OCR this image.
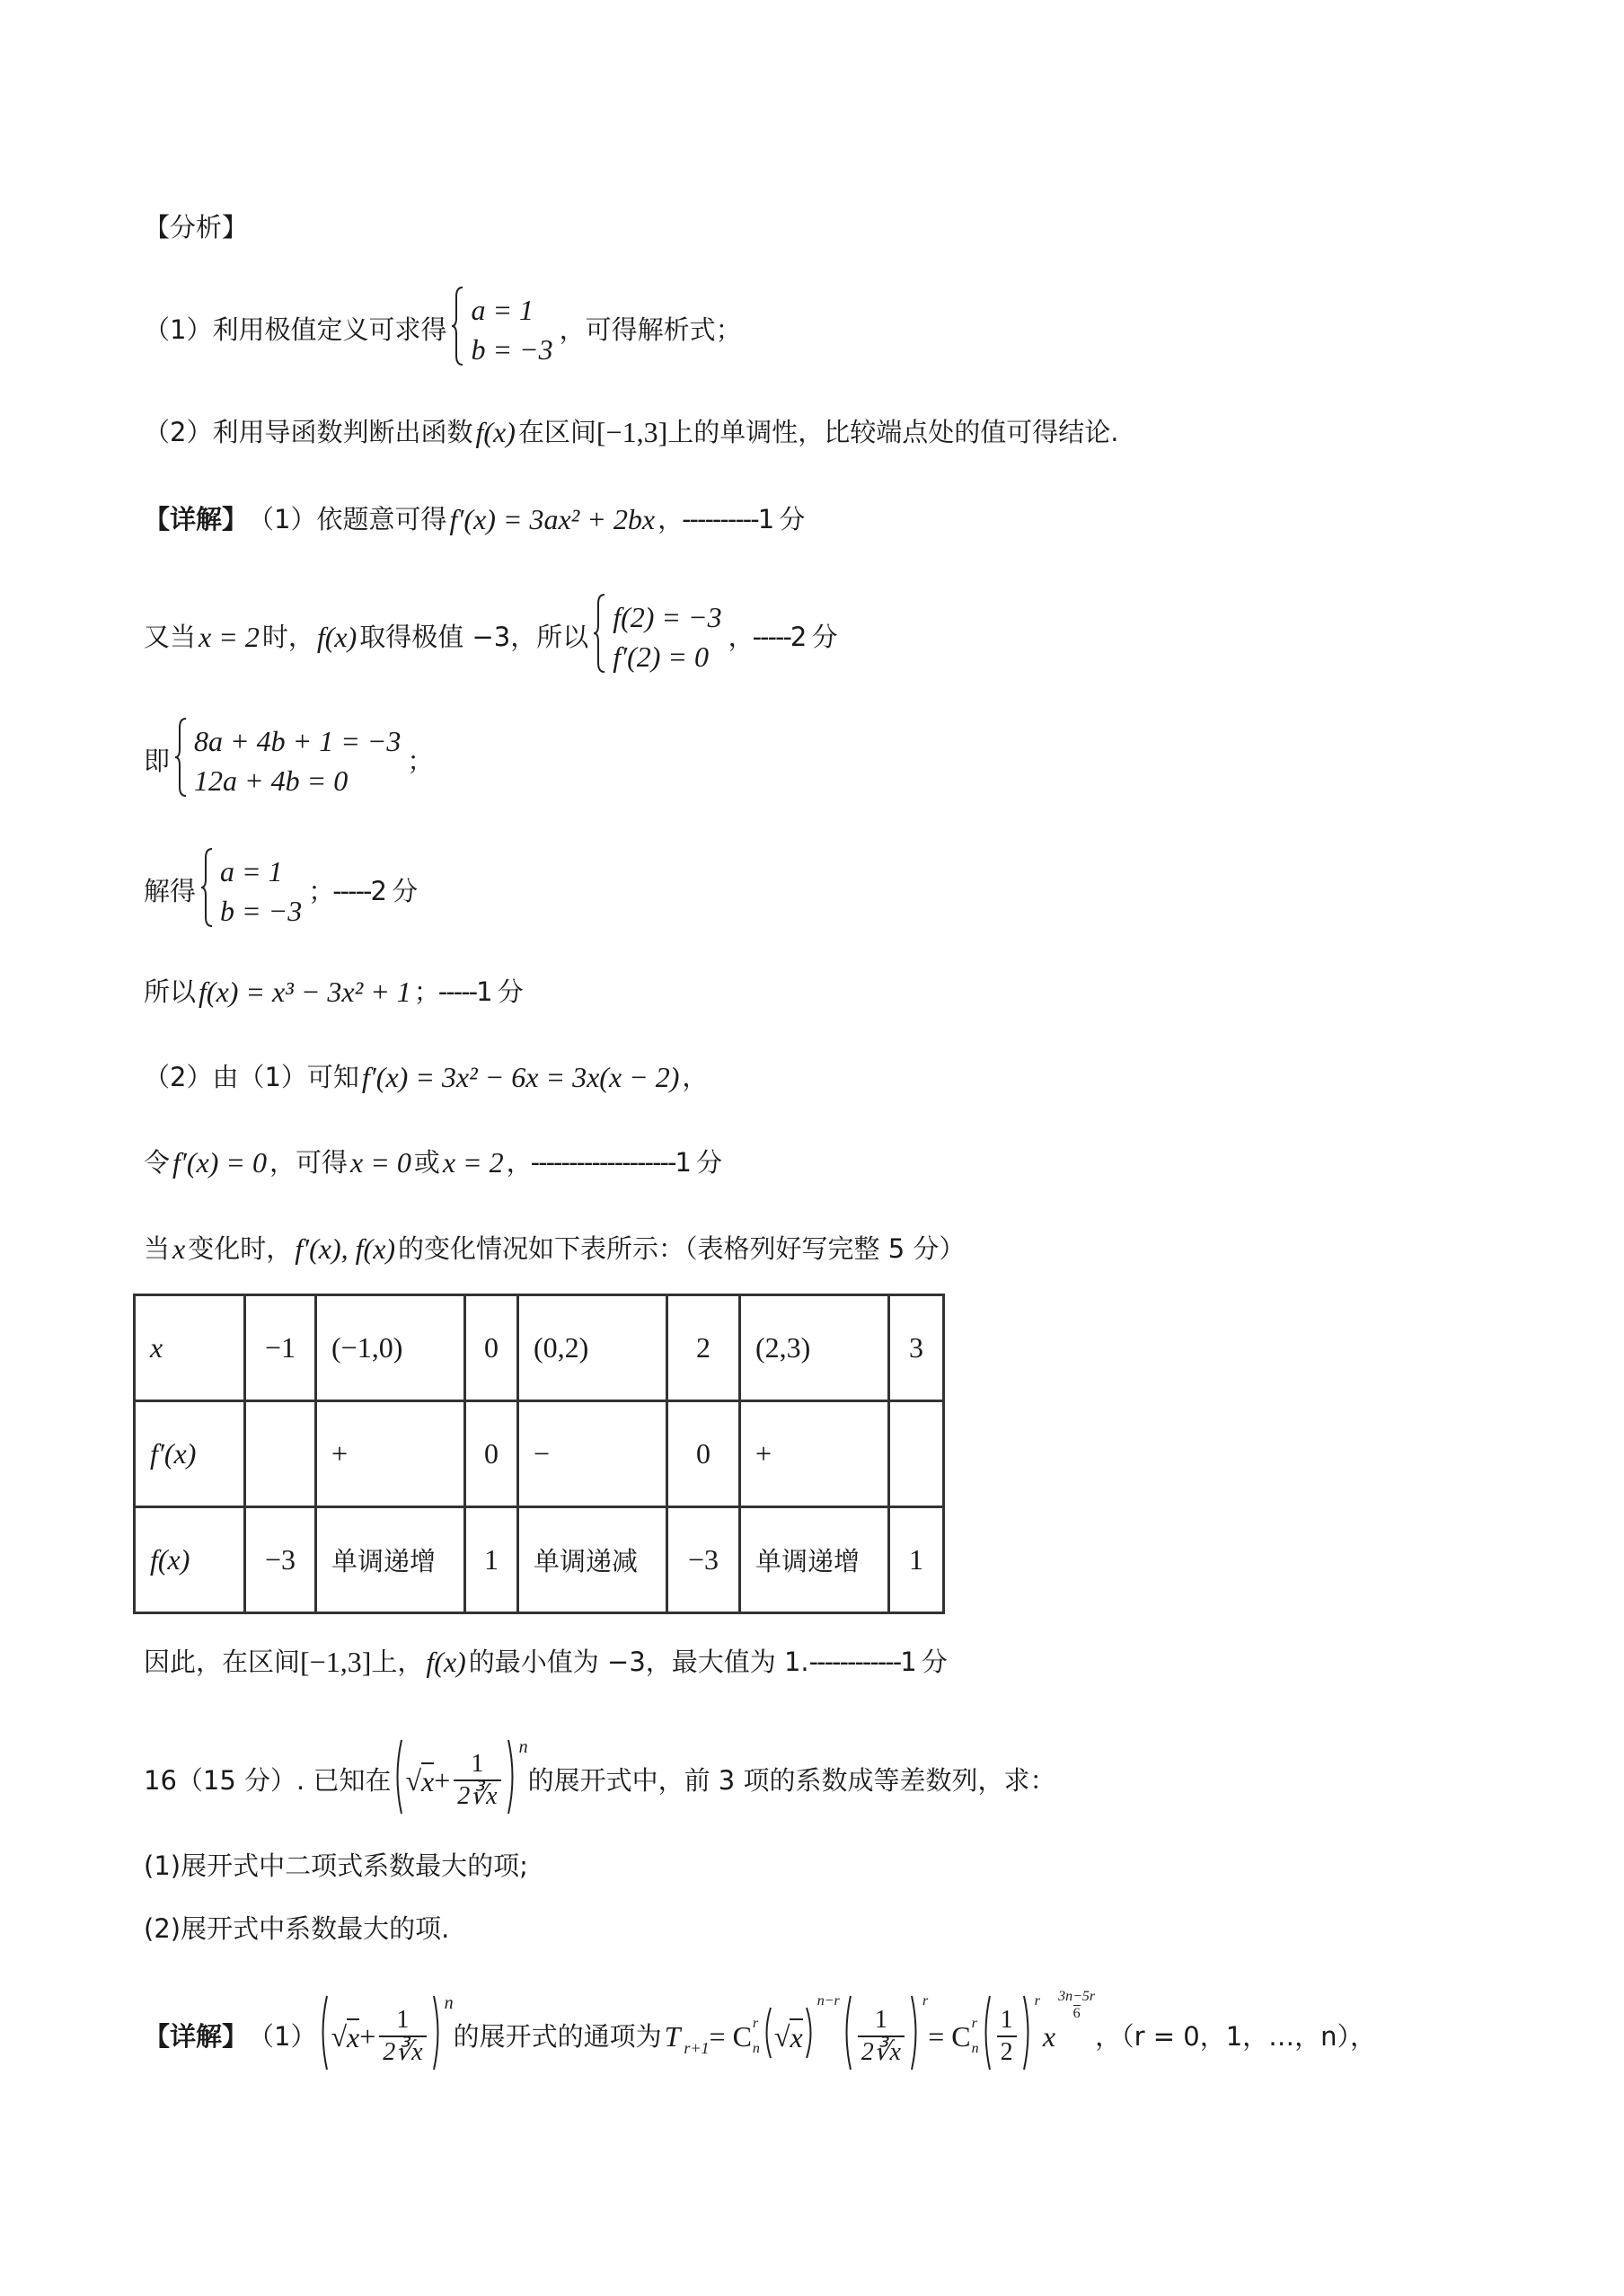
【分析】
（1）利用极值定义可求得
a = 1
b = −3
，可得解析式；
（2）利用导函数判断出函数 f(x) 在区间 [−1,3] 上的单调性，比较端点处的值可得结论.
【详解】 （1）依题意可得 f′(x) = 3ax² + 2bx ，----------1 分
又当 x = 2 时， f(x) 取得极值 −3，所以
f(2) = −3
f′(2) = 0
，-----2 分
即
8a + 4b + 1 = −3
12a + 4b = 0
；
解得
a = 1
b = −3
；-----2 分
所以 f(x) = x³ − 3x² + 1 ；-----1 分
（2）由（1）可知 f′(x) = 3x² − 6x = 3x(x − 2) ，
令 f′(x) = 0 ，可得 x = 0 或 x = 2 ，-------------------1 分
当 x 变化时， f′(x), f(x) 的变化情况如下表所示：（表格列好写完整 5 分）
x	−1	(−1,0)	0	(0,2)	2	(2,3)	3
f′(x)		+	0	−	0	+	
f(x)	−3	单调递增	1	单调递减	−3	单调递增	1
因此，在区间 [−1,3] 上， f(x) 的最小值为 −3，最大值为 1. ------------1 分
16（15 分）. 已知在 √ $x + \frac{1}{2∛x}$
n
的展开式中，前 3 项的系数成等差数列，求：
(1)展开式中二项式系数最大的项;
(2)展开式中系数最大的项.
【详解】 （1） √ $x + \frac{1}{2∛x}$
n
的展开式的通项为 T r+1 = C r
n √ x
n−r
$\frac{1}{2∛x}$
r
= C r
n $\frac{1}{2}$
r
x
$\frac{3n-5r}{6}$
，（r = 0，1，…，n），
